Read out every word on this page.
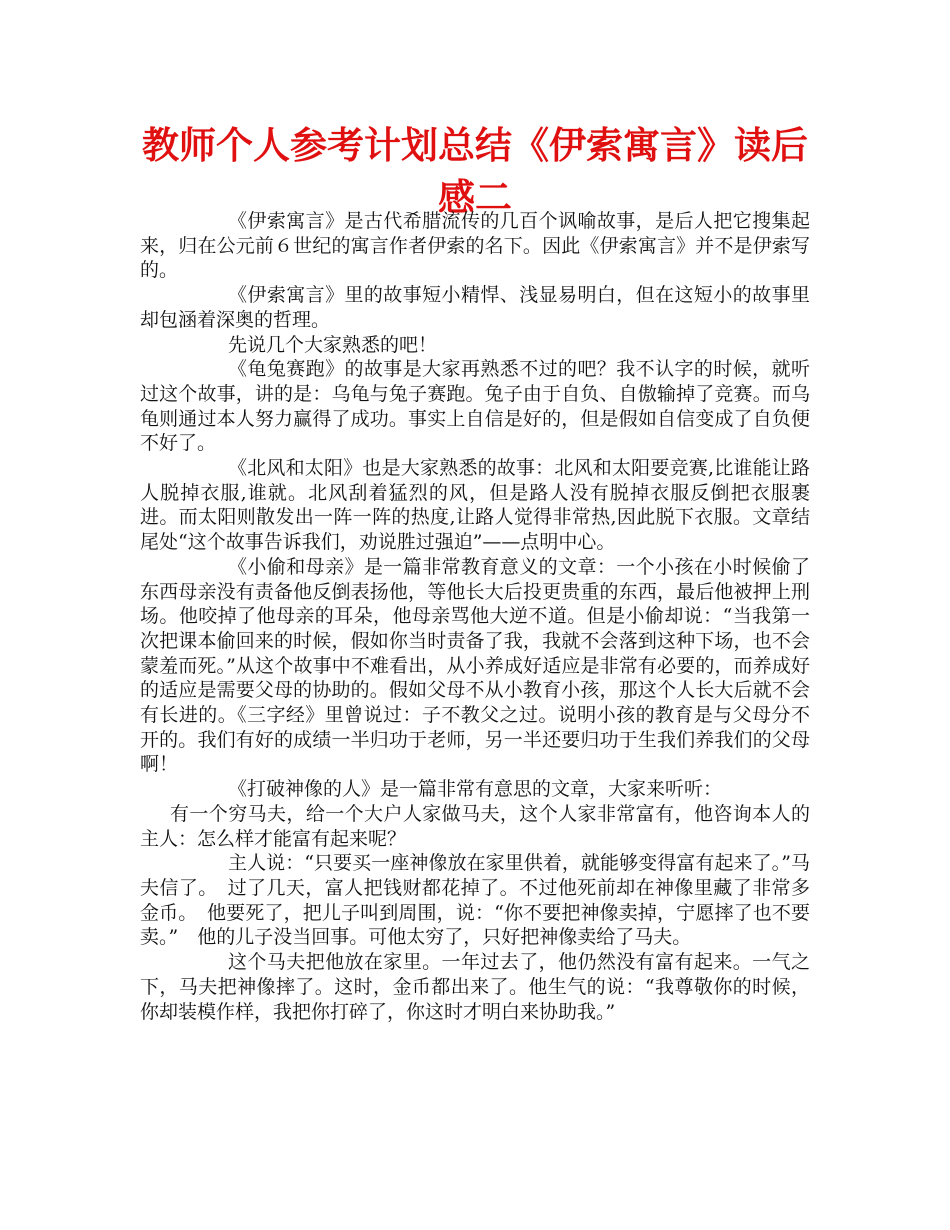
教师个人参考计划总结《伊索寓言》读后感二

《伊索寓言》是古代希腊流传的几百个讽喻故事，是后人把它搜集起来，归在公元前６世纪的寓言作者伊索的名下。因此《伊索寓言》并不是伊索写的。

《伊索寓言》里的故事短小精悍、浅显易明白，但在这短小的故事里却包涵着深奥的哲理。

先说几个大家熟悉的吧！

《龟兔赛跑》的故事是大家再熟悉不过的吧？我不认字的时候，就听过这个故事，讲的是：乌龟与兔子赛跑。兔子由于自负、自傲输掉了竞赛。而乌龟则通过本人努力赢得了成功。事实上自信是好的，但是假如自信变成了自负便不好了。

《北风和太阳》也是大家熟悉的故事：北风和太阳要竞赛,比谁能让路人脱掉衣服,谁就。北风刮着猛烈的风，但是路人没有脱掉衣服反倒把衣服裹进。而太阳则散发出一阵一阵的热度,让路人觉得非常热,因此脱下衣服。文章结尾处“这个故事告诉我们，劝说胜过强迫”——点明中心。

《小偷和母亲》是一篇非常教育意义的文章：一个小孩在小时候偷了东西母亲没有责备他反倒表扬他，等他长大后投更贵重的东西，最后他被押上刑场。他咬掉了他母亲的耳朵，他母亲骂他大逆不道。但是小偷却说：“当我第一次把课本偷回来的时候，假如你当时责备了我，我就不会落到这种下场，也不会蒙羞而死。”从这个故事中不难看出，从小养成好适应是非常有必要的，而养成好的适应是需要父母的协助的。假如父母不从小教育小孩，那这个人长大后就不会有长进的。《三字经》里曾说过：子不教父之过。说明小孩的教育是与父母分不开的。我们有好的成绩一半归功于老师，另一半还要归功于生我们养我们的父母啊！

《打破神像的人》是一篇非常有意思的文章，大家来听听：

有一个穷马夫，给一个大户人家做马夫，这个人家非常富有，他咨询本人的主人：怎么样才能富有起来呢？

主人说：“只要买一座神像放在家里供着，就能够变得富有起来了。”马夫信了。　过了几天，富人把钱财都花掉了。不过他死前却在神像里藏了非常多金币。　他要死了，把儿子叫到周围，说：“你不要把神像卖掉，宁愿摔了也不要卖。”　他的儿子没当回事。可他太穷了，只好把神像卖给了马夫。

这个马夫把他放在家里。一年过去了，他仍然没有富有起来。一气之下，马夫把神像摔了。这时，金币都出来了。他生气的说：“我尊敬你的时候，你却装模作样，我把你打碎了，你这时才明白来协助我。”
